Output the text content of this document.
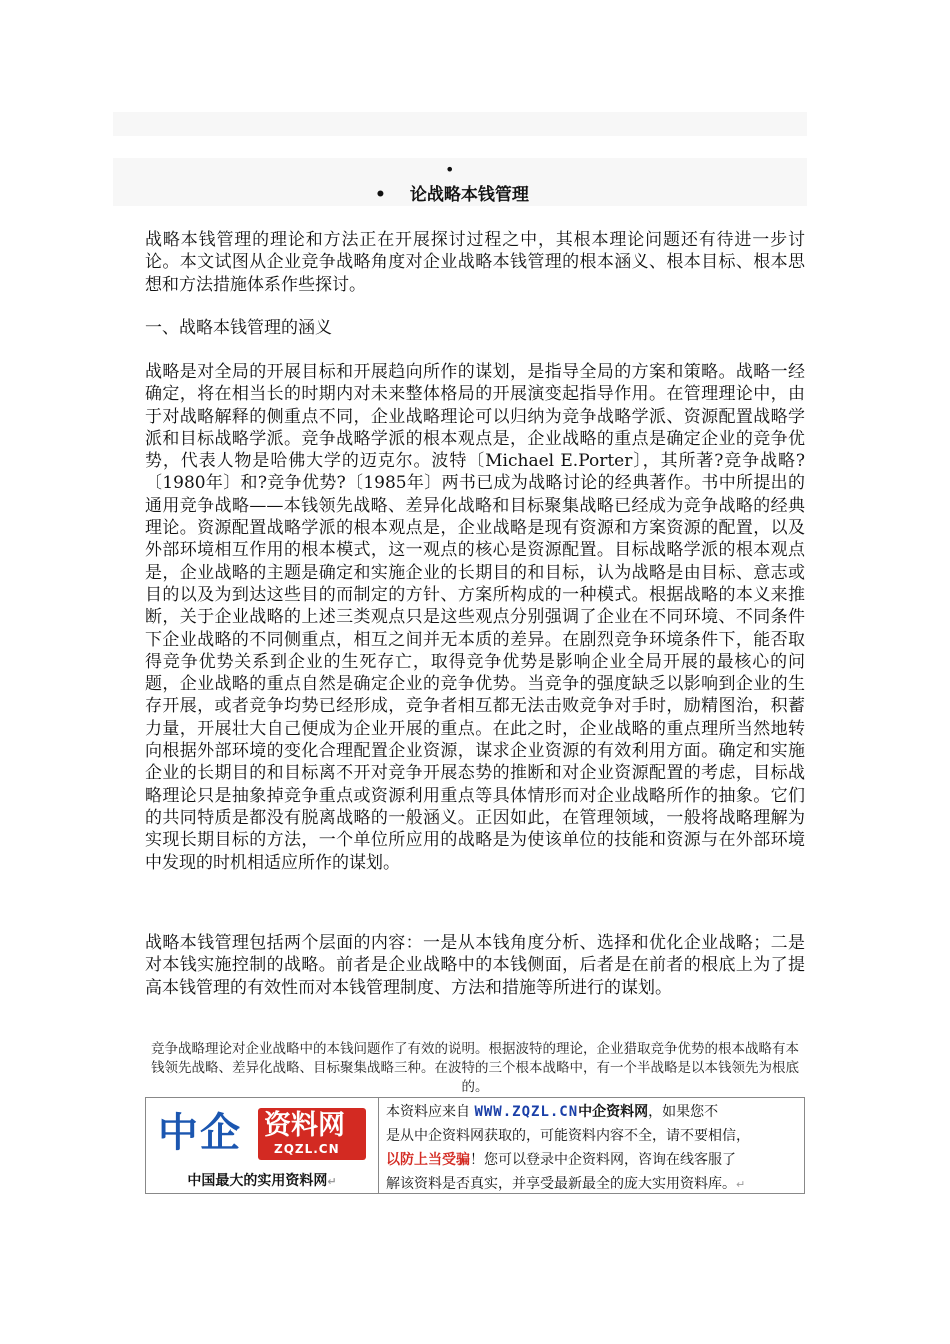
•
• 论战略本钱管理
战略本钱管理的理论和方法正在开展探讨过程之中，其根本理论问题还有待进一步讨论。本文试图从企业竞争战略角度对企业战略本钱管理的根本涵义、根本目标、根本思想和方法措施体系作些探讨。
一、战略本钱管理的涵义
战略是对全局的开展目标和开展趋向所作的谋划，是指导全局的方案和策略。战略一经确定，将在相当长的时期内对未来整体格局的开展演变起指导作用。在管理理论中，由于对战略解释的侧重点不同，企业战略理论可以归纳为竞争战略学派、资源配置战略学派和目标战略学派。竞争战略学派的根本观点是，企业战略的重点是确定企业的竞争优势，代表人物是哈佛大学的迈克尔。波特〔Michael E.Porter〕，其所著?竞争战略?〔1980年〕和?竞争优势?〔1985年〕两书已成为战略讨论的经典著作。书中所提出的通用竞争战略——本钱领先战略、差异化战略和目标聚集战略已经成为竞争战略的经典理论。资源配置战略学派的根本观点是，企业战略是现有资源和方案资源的配置，以及外部环境相互作用的根本模式，这一观点的核心是资源配置。目标战略学派的根本观点是，企业战略的主题是确定和实施企业的长期目的和目标，认为战略是由目标、意志或目的以及为到达这些目的而制定的方针、方案所构成的一种模式。根据战略的本义来推断，关于企业战略的上述三类观点只是这些观点分别强调了企业在不同环境、不同条件下企业战略的不同侧重点，相互之间并无本质的差异。在剧烈竞争环境条件下，能否取得竞争优势关系到企业的生死存亡，取得竞争优势是影响企业全局开展的最核心的问题，企业战略的重点自然是确定企业的竞争优势。当竞争的强度缺乏以影响到企业的生存开展，或者竞争均势已经形成，竞争者相互都无法击败竞争对手时，励精图治，积蓄力量，开展壮大自己便成为企业开展的重点。在此之时，企业战略的重点理所当然地转向根据外部环境的变化合理配置企业资源，谋求企业资源的有效利用方面。确定和实施企业的长期目的和目标离不开对竞争开展态势的推断和对企业资源配置的考虑，目标战略理论只是抽象掉竞争重点或资源利用重点等具体情形而对企业战略所作的抽象。它们的共同特质是都没有脱离战略的一般涵义。正因如此，在管理领域，一般将战略理解为实现长期目标的方法，一个单位所应用的战略是为使该单位的技能和资源与在外部环境中发现的时机相适应所作的谋划。
战略本钱管理包括两个层面的内容：一是从本钱角度分析、选择和优化企业战略；二是对本钱实施控制的战略。前者是企业战略中的本钱侧面，后者是在前者的根底上为了提高本钱管理的有效性而对本钱管理制度、方法和措施等所进行的谋划。
竞争战略理论对企业战略中的本钱问题作了有效的说明。根据波特的理论，企业猎取竞争优势的根本战略有本钱领先战略、差异化战略、目标聚集战略三种。在波特的三个根本战略中，有一个半战略是以本钱领先为根底的。
中企 资料网
ZQZL.CN
中国最大的实用资料网↵
本资料应来自 WWW.ZQZL.CN中企资料网，如果您不
是从中企资料网获取的，可能资料内容不全，请不要相信，
以防上当受骗！您可以登录中企资料网，咨询在线客服了
解该资料是否真实，并享受最新最全的庞大实用资料库。↵
